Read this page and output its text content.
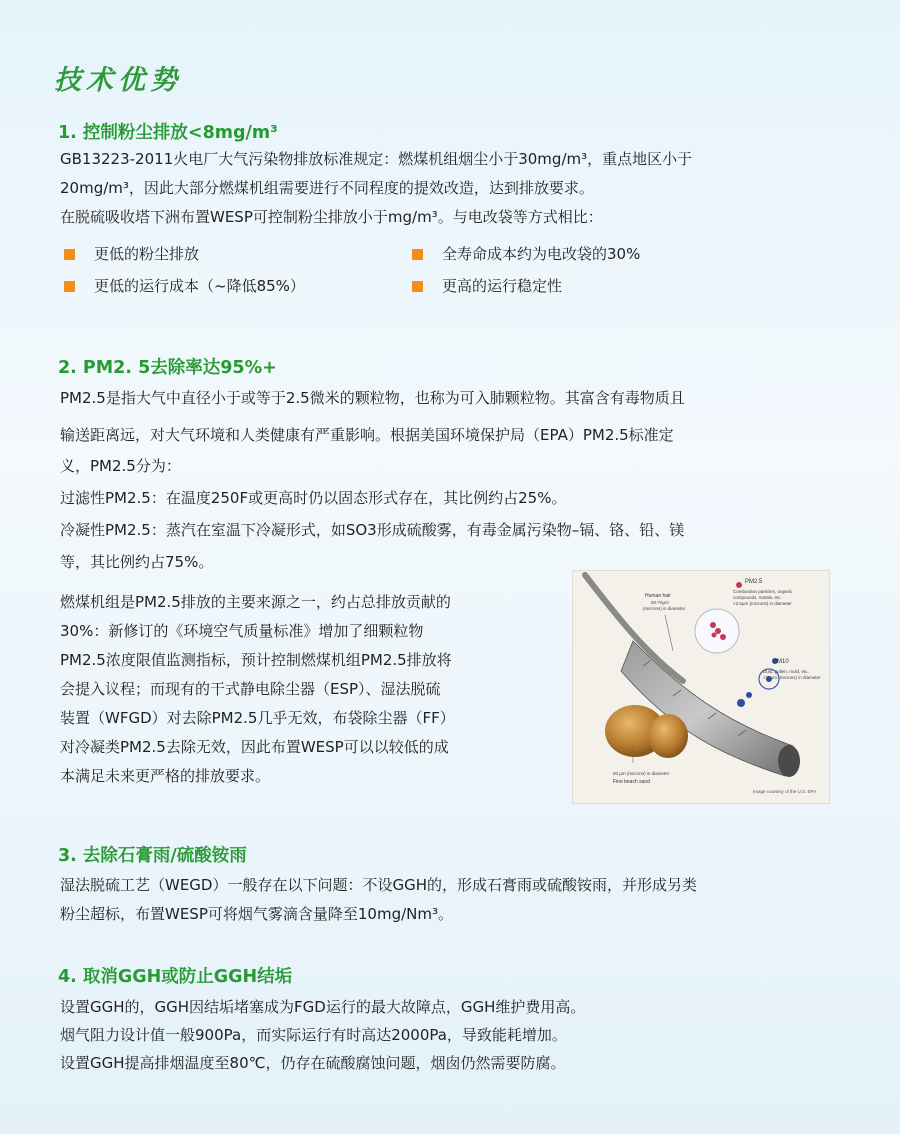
技术优势
1. 控制粉尘排放<8mg/m³

GB13223-2011火电厂大气污染物排放标准规定：燃煤机组烟尘小于30mg/m³，重点地区小于

20mg/m³，因此大部分燃煤机组需要进行不同程度的提效改造，达到排放要求。

在脱硫吸收塔下洲布置WESP可控制粉尘排放小于mg/m³。与电改袋等方式相比：

更低的粉尘排放	全寿命成本约为电改袋的30%
更低的运行成本（~降低85%）	更高的运行稳定性
2. PM2. 5去除率达95%+

PM2.5是指大气中直径小于或等于2.5微米的颗粒物，也称为可入肺颗粒物。其富含有毒物质且

输送距离远，对大气环境和人类健康有严重影响。根据美国环境保护局（EPA）PM2.5标准定

义，PM2.5分为：

过滤性PM2.5：在温度250F或更高时仍以固态形式存在，其比例约占25%。

冷凝性PM2.5：蒸汽在室温下冷凝形式，如SO3形成硫酸雾，有毒金属污染物–镉、铬、铅、镁

等，其比例约占75%。

燃煤机组是PM2.5排放的主要来源之一，约占总排放贡献的

30%：新修订的《环境空气质量标准》增加了细颗粒物

PM2.5浓度限值监测指标，预计控制燃煤机组PM2.5排放将

会提入议程；而现有的干式静电除尘器（ESP）、湿法脱硫

装置（WFGD）对去除PM2.5几乎无效，布袋除尘器（FF）

对冷凝类PM2.5去除无效，因此布置WESP可以以较低的成

本满足未来更严格的排放要求。

PM2.5
Combustion particles, organic
compounds, metals, etc.
<2.5μm (microns) in diameter
Human hair
50-70μm
(microns) in diameter
PM10
Dust, pollen, mold, etc.
<10μm (microns) in diameter
90 μm (microns) in diameter
Fine beach sand
Image courtesy of the U.S. EPA
3. 去除石膏雨/硫酸铵雨

湿法脱硫工艺（WEGD）一般存在以下问题：不设GGH的，形成石膏雨或硫酸铵雨，并形成另类

粉尘超标，布置WESP可将烟气雾滴含量降至10mg/Nm³。

4. 取消GGH或防止GGH结垢

设置GGH的，GGH因结垢堵塞成为FGD运行的最大故障点，GGH维护费用高。

烟气阻力设计值一般900Pa，而实际运行有时高达2000Pa，导致能耗增加。

设置GGH提高排烟温度至80℃，仍存在硫酸腐蚀问题，烟囱仍然需要防腐。
